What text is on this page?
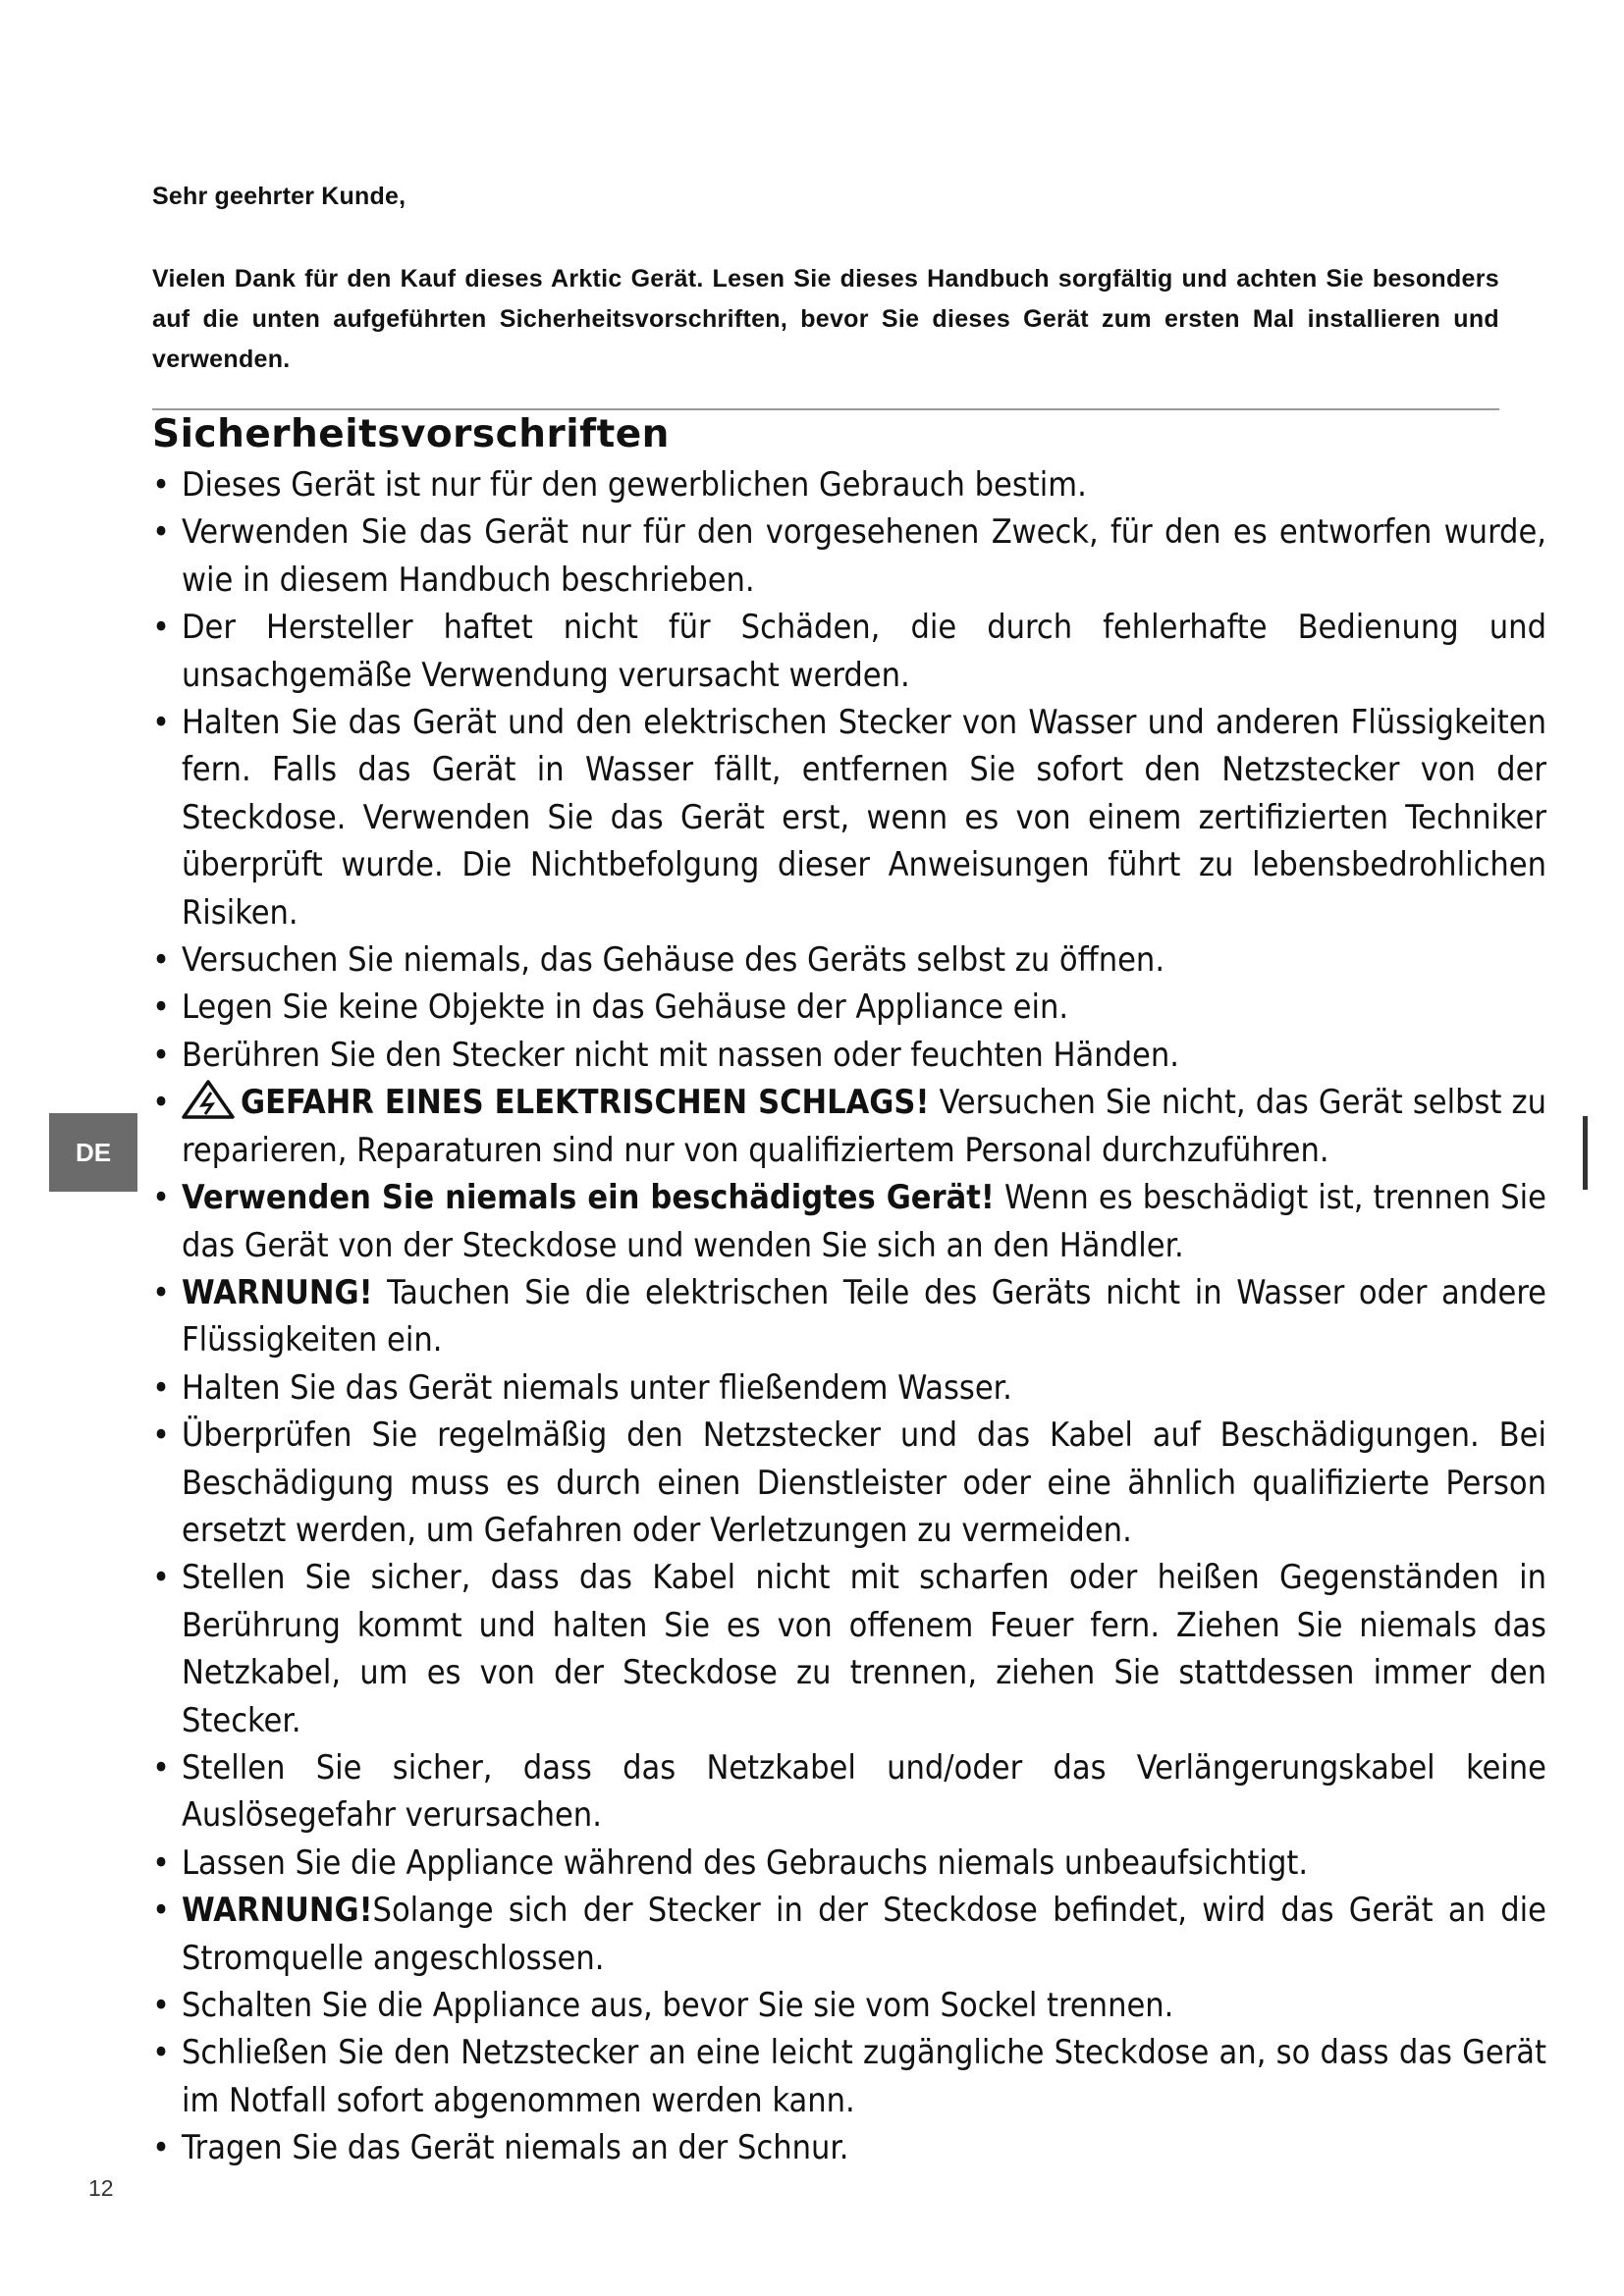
Sehr geehrter Kunde,
Vielen Dank für den Kauf dieses Arktic Gerät. Lesen Sie dieses Handbuch sorgfältig und achten Sie besonders auf die unten aufgeführten Sicherheitsvorschriften, bevor Sie dieses Gerät zum ersten Mal installieren und verwenden.
Sicherheitsvorschriften
• Dieses Gerät ist nur für den gewerblichen Gebrauch bestim.
• Verwenden Sie das Gerät nur für den vorgesehenen Zweck, für den es entworfen wurde, wie in diesem Handbuch beschrieben.
• Der Hersteller haftet nicht für Schäden, die durch fehlerhafte Bedienung und unsachgemäße Verwendung verursacht werden.
• Halten Sie das Gerät und den elektrischen Stecker von Wasser und anderen Flüssigkeiten fern. Falls das Gerät in Wasser fällt, entfernen Sie sofort den Netzstecker von der Steckdose. Verwenden Sie das Gerät erst, wenn es von einem zertifizierten Techniker überprüft wurde. Die Nichtbefolgung dieser Anweisungen führt zu lebensbedrohlichen Risiken.
• Versuchen Sie niemals, das Gehäuse des Geräts selbst zu öffnen.
• Legen Sie keine Objekte in das Gehäuse der Appliance ein.
• Berühren Sie den Stecker nicht mit nassen oder feuchten Händen.
• GEFAHR EINES ELEKTRISCHEN SCHLAGS! Versuchen Sie nicht, das Gerät selbst zu reparieren, Reparaturen sind nur von qualifiziertem Personal durchzuführen.
• Verwenden Sie niemals ein beschädigtes Gerät! Wenn es beschädigt ist, trennen Sie das Gerät von der Steckdose und wenden Sie sich an den Händler.
• WARNUNG! Tauchen Sie die elektrischen Teile des Geräts nicht in Wasser oder andere Flüssigkeiten ein.
• Halten Sie das Gerät niemals unter fließendem Wasser.
• Überprüfen Sie regelmäßig den Netzstecker und das Kabel auf Beschädigungen. Bei Beschädigung muss es durch einen Dienstleister oder eine ähnlich qualifizierte Person ersetzt werden, um Gefahren oder Verletzungen zu vermeiden.
• Stellen Sie sicher, dass das Kabel nicht mit scharfen oder heißen Gegenständen in Berührung kommt und halten Sie es von offenem Feuer fern. Ziehen Sie niemals das Netzkabel, um es von der Steckdose zu trennen, ziehen Sie stattdessen immer den Stecker.
• Stellen Sie sicher, dass das Netzkabel und/oder das Verlängerungskabel keine Auslösegefahr verursachen.
• Lassen Sie die Appliance während des Gebrauchs niemals unbeaufsichtigt.
• WARNUNG!Solange sich der Stecker in der Steckdose befindet, wird das Gerät an die Stromquelle angeschlossen.
• Schalten Sie die Appliance aus, bevor Sie sie vom Sockel trennen.
• Schließen Sie den Netzstecker an eine leicht zugängliche Steckdose an, so dass das Gerät im Notfall sofort abgenommen werden kann.
• Tragen Sie das Gerät niemals an der Schnur.
DE
12
